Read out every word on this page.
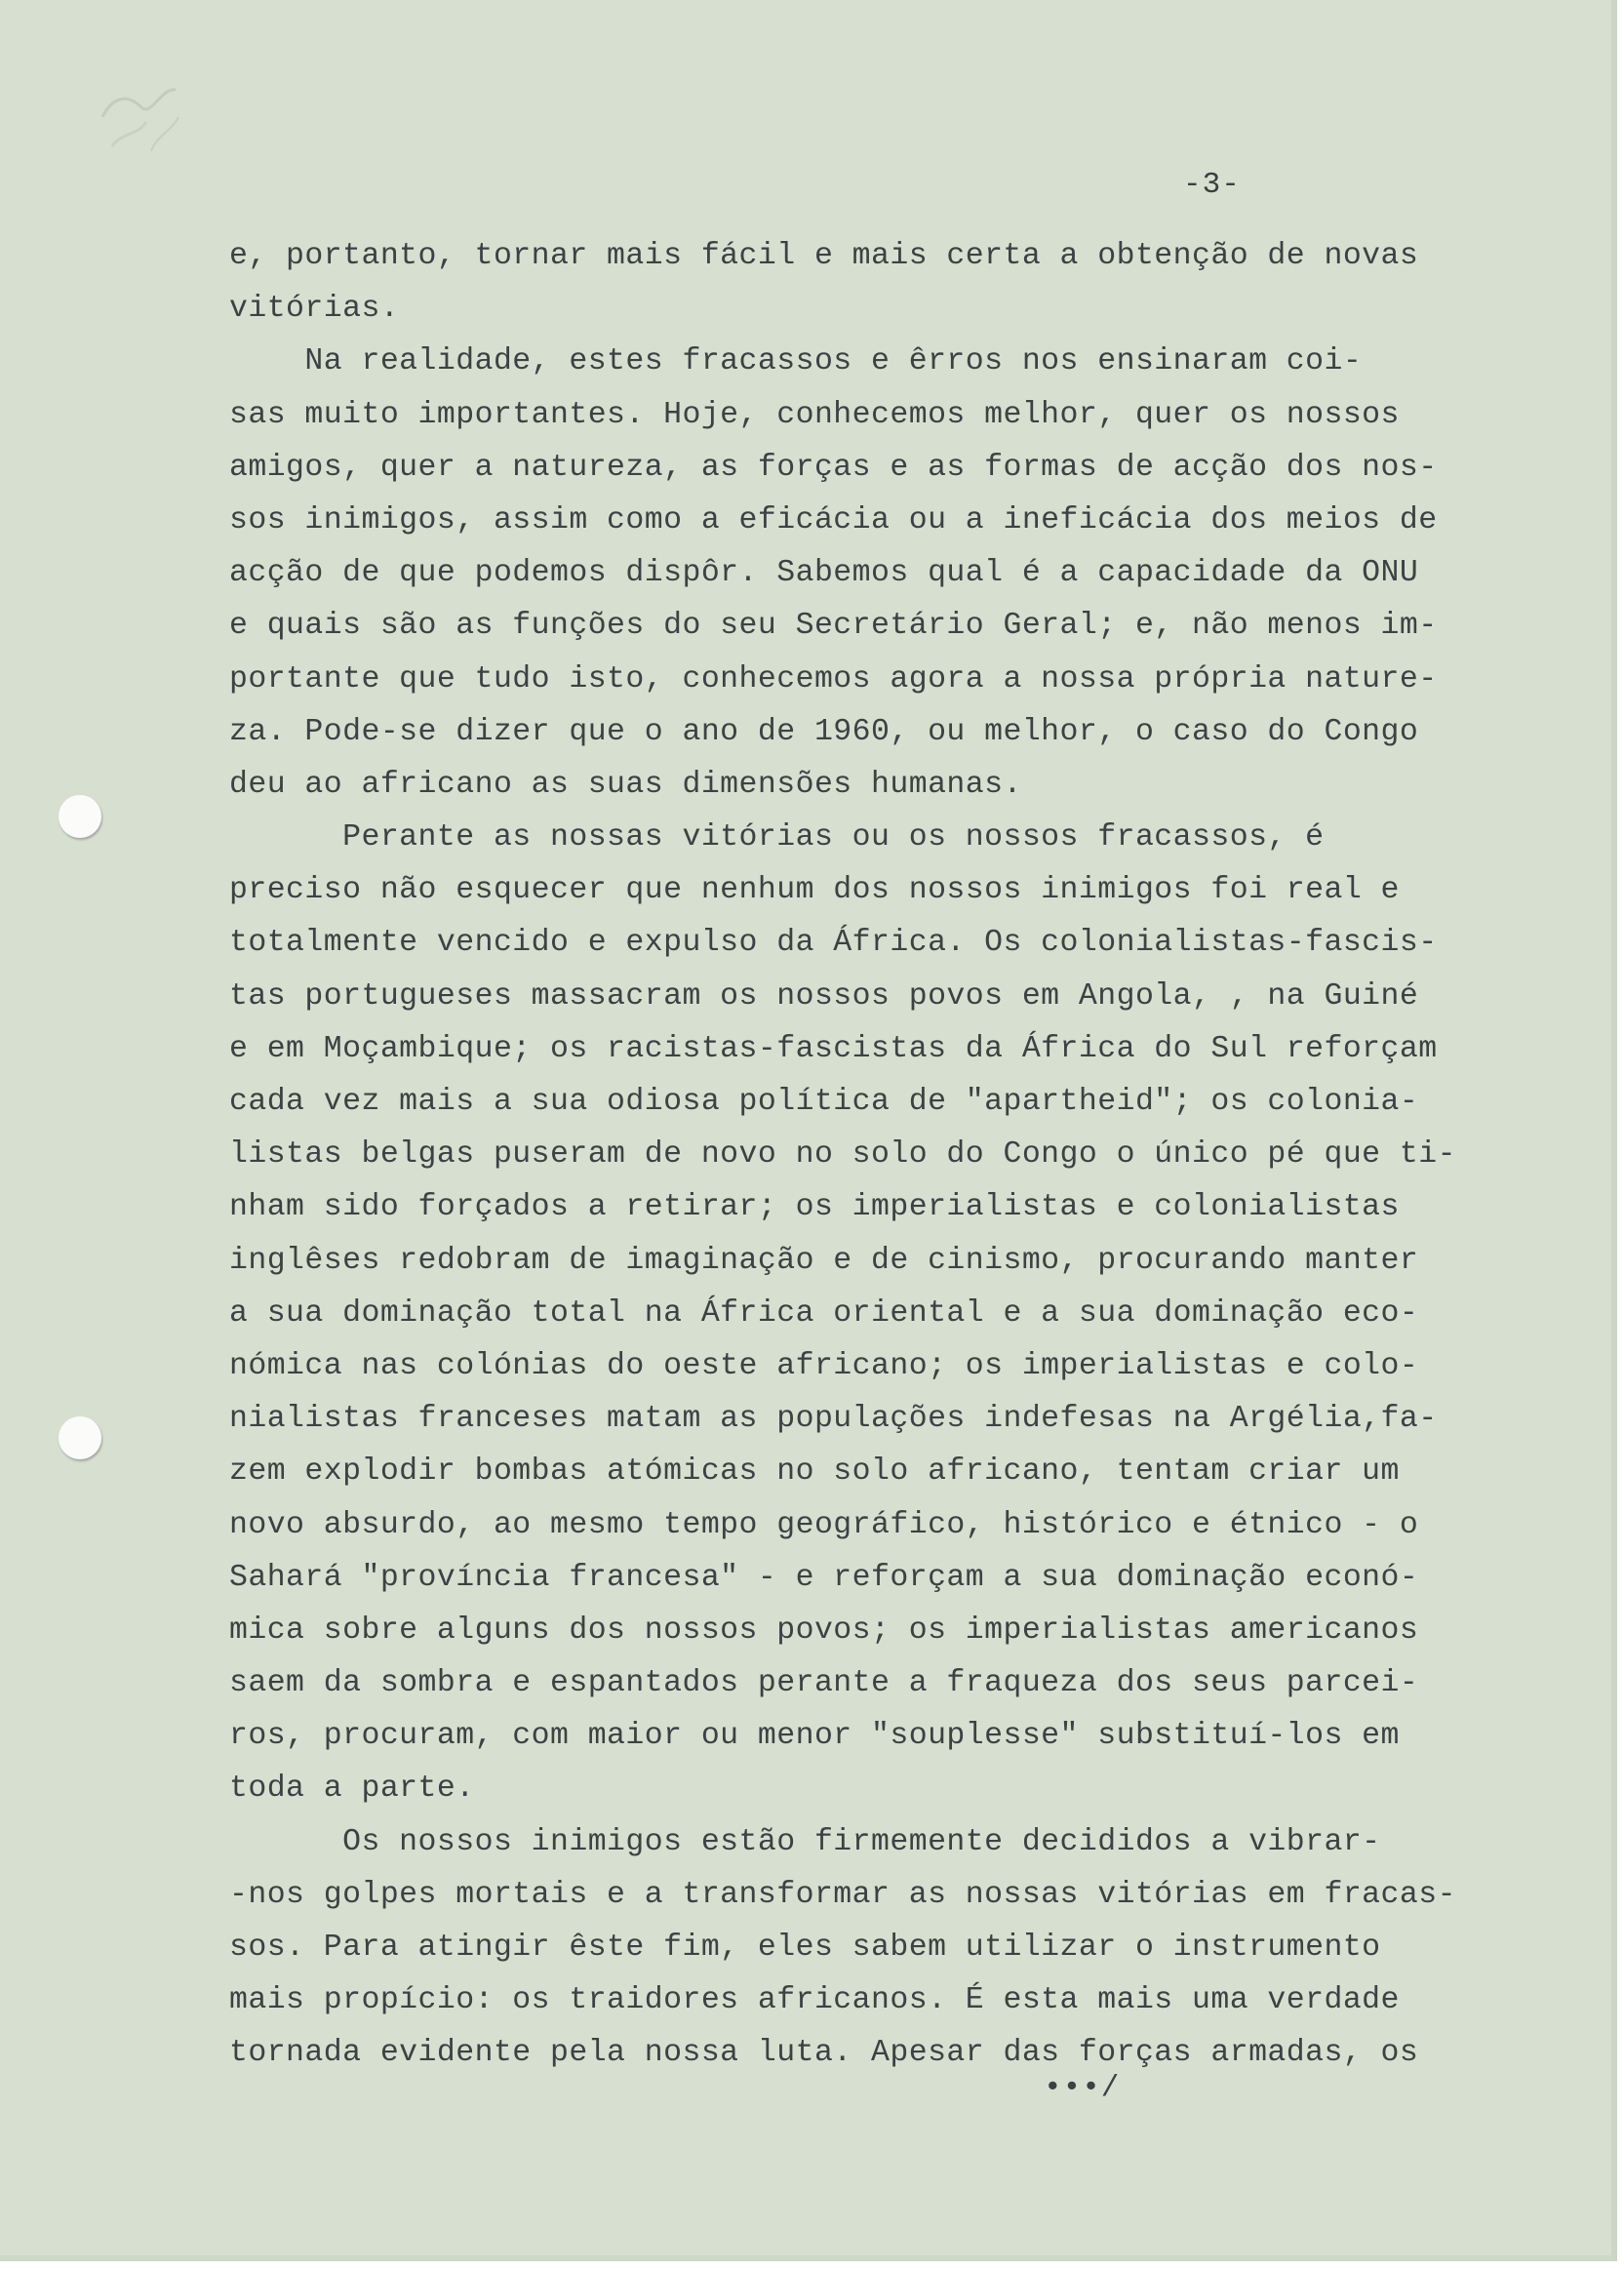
-3-
e, portanto, tornar mais fácil e mais certa a obtenção de novas
vitórias.
Na realidade, estes fracassos e êrros nos ensinaram coi-
sas muito importantes. Hoje, conhecemos melhor, quer os nossos
amigos, quer a natureza, as forças e as formas de acção dos nos-
sos inimigos, assim como a eficácia ou a ineficácia dos meios de
acção de que podemos dispôr. Sabemos qual é a capacidade da ONU
e quais são as funções do seu Secretário Geral; e, não menos im-
portante que tudo isto, conhecemos agora a nossa própria nature-
za. Pode-se dizer que o ano de 1960, ou melhor, o caso do Congo
deu ao africano as suas dimensões humanas.
Perante as nossas vitórias ou os nossos fracassos, é
preciso não esquecer que nenhum dos nossos inimigos foi real e
totalmente vencido e expulso da África. Os colonialistas-fascis-
tas portugueses massacram os nossos povos em Angola, , na Guiné
e em Moçambique; os racistas-fascistas da África do Sul reforçam
cada vez mais a sua odiosa política de "apartheid"; os colonia-
listas belgas puseram de novo no solo do Congo o único pé que ti-
nham sido forçados a retirar; os imperialistas e colonialistas
inglêses redobram de imaginação e de cinismo, procurando manter
a sua dominação total na África oriental e a sua dominação eco-
nómica nas colónias do oeste africano; os imperialistas e colo-
nialistas franceses matam as populações indefesas na Argélia,fa-
zem explodir bombas atómicas no solo africano, tentam criar um
novo absurdo, ao mesmo tempo geográfico, histórico e étnico - o
Sahará "província francesa" - e reforçam a sua dominação econó-
mica sobre alguns dos nossos povos; os imperialistas americanos
saem da sombra e espantados perante a fraqueza dos seus parcei-
ros, procuram, com maior ou menor "souplesse" substituí-los em
toda a parte.
Os nossos inimigos estão firmemente decididos a vibrar-
-nos golpes mortais e a transformar as nossas vitórias em fracas-
sos. Para atingir êste fim, eles sabem utilizar o instrumento
mais propício: os traidores africanos. É esta mais uma verdade
tornada evidente pela nossa luta. Apesar das forças armadas, os
•••/
